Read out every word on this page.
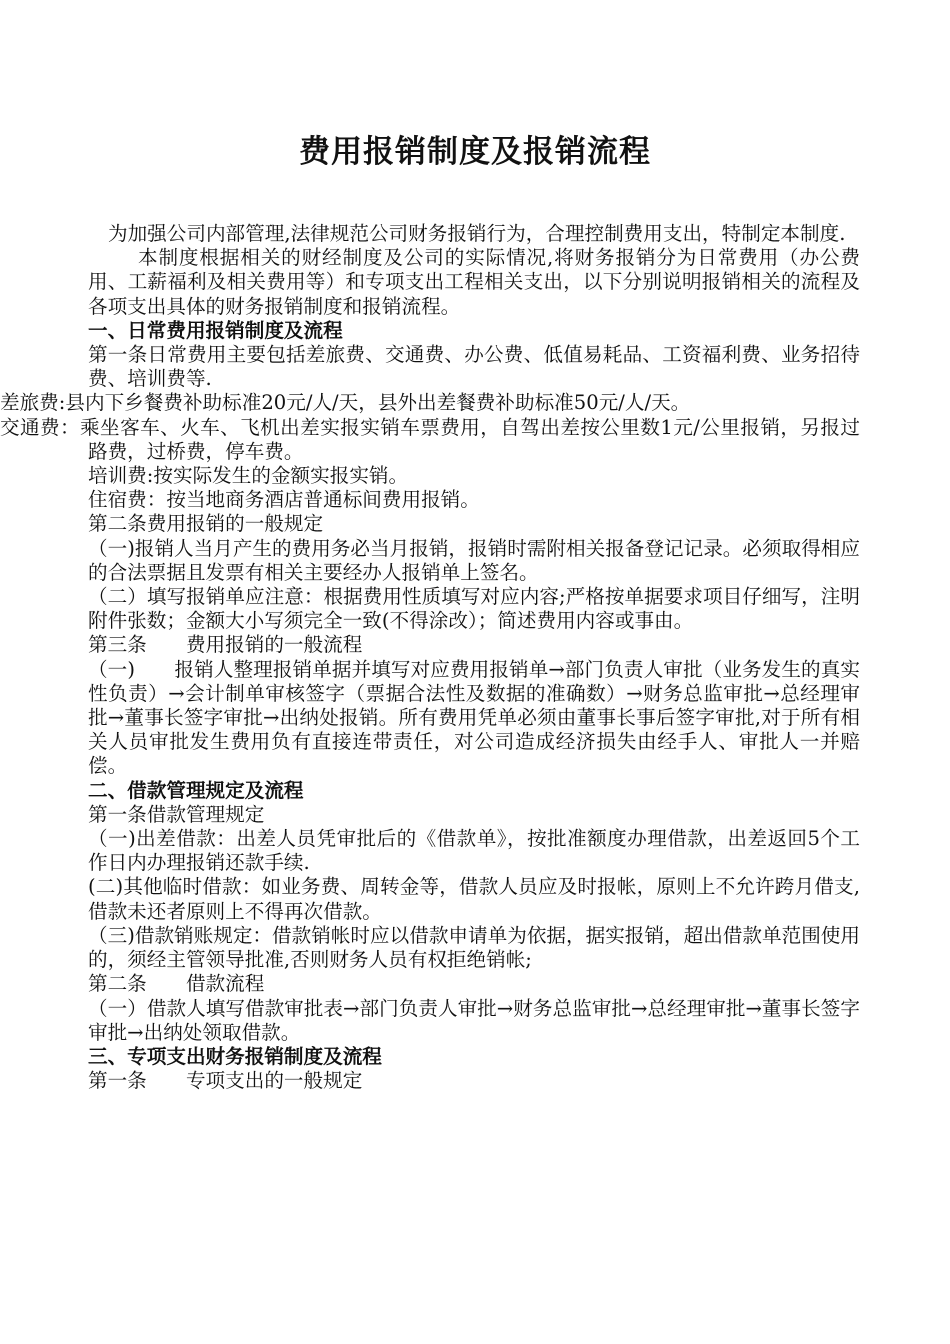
费用报销制度及报销流程

为加强公司内部管理,法律规范公司财务报销行为，合理控制费用支出，特制定本制度.

本制度根据相关的财经制度及公司的实际情况,将财务报销分为日常费用（办公费用、工薪福利及相关费用等）和专项支出工程相关支出，以下分别说明报销相关的流程及各项支出具体的财务报销制度和报销流程。

一、日常费用报销制度及流程

第一条日常费用主要包括差旅费、交通费、办公费、低值易耗品、工资福利费、业务招待费、培训费等.

差旅费:县内下乡餐费补助标准20元/人/天，县外出差餐费补助标准50元/人/天。

交通费：乘坐客车、火车、飞机出差实报实销车票费用，自驾出差按公里数1元/公里报销，另报过路费，过桥费，停车费。

培训费:按实际发生的金额实报实销。

住宿费：按当地商务酒店普通标间费用报销。

第二条费用报销的一般规定

（一)报销人当月产生的费用务必当月报销，报销时需附相关报备登记记录。必须取得相应的合法票据且发票有相关主要经办人报销单上签名。

（二）填写报销单应注意：根据费用性质填写对应内容;严格按单据要求项目仔细写，注明附件张数；金额大小写须完全一致(不得涂改）；简述费用内容或事由。

第三条　　费用报销的一般流程

（一)　　报销人整理报销单据并填写对应费用报销单→部门负责人审批（业务发生的真实性负责）→会计制单审核签字（票据合法性及数据的准确数）→财务总监审批→总经理审批→董事长签字审批→出纳处报销。所有费用凭单必须由董事长事后签字审批,对于所有相关人员审批发生费用负有直接连带责任，对公司造成经济损失由经手人、审批人一并赔偿。

二、借款管理规定及流程

第一条借款管理规定

（一)出差借款：出差人员凭审批后的《借款单》，按批准额度办理借款，出差返回5个工作日内办理报销还款手续.

(二)其他临时借款：如业务费、周转金等，借款人员应及时报帐，原则上不允许跨月借支,借款未还者原则上不得再次借款。

（三)借款销账规定：借款销帐时应以借款申请单为依据，据实报销，超出借款单范围使用的，须经主管领导批准,否则财务人员有权拒绝销帐;

第二条　　借款流程

（一）借款人填写借款审批表→部门负责人审批→财务总监审批→总经理审批→董事长签字审批→出纳处领取借款。

三、专项支出财务报销制度及流程

第一条　　专项支出的一般规定
